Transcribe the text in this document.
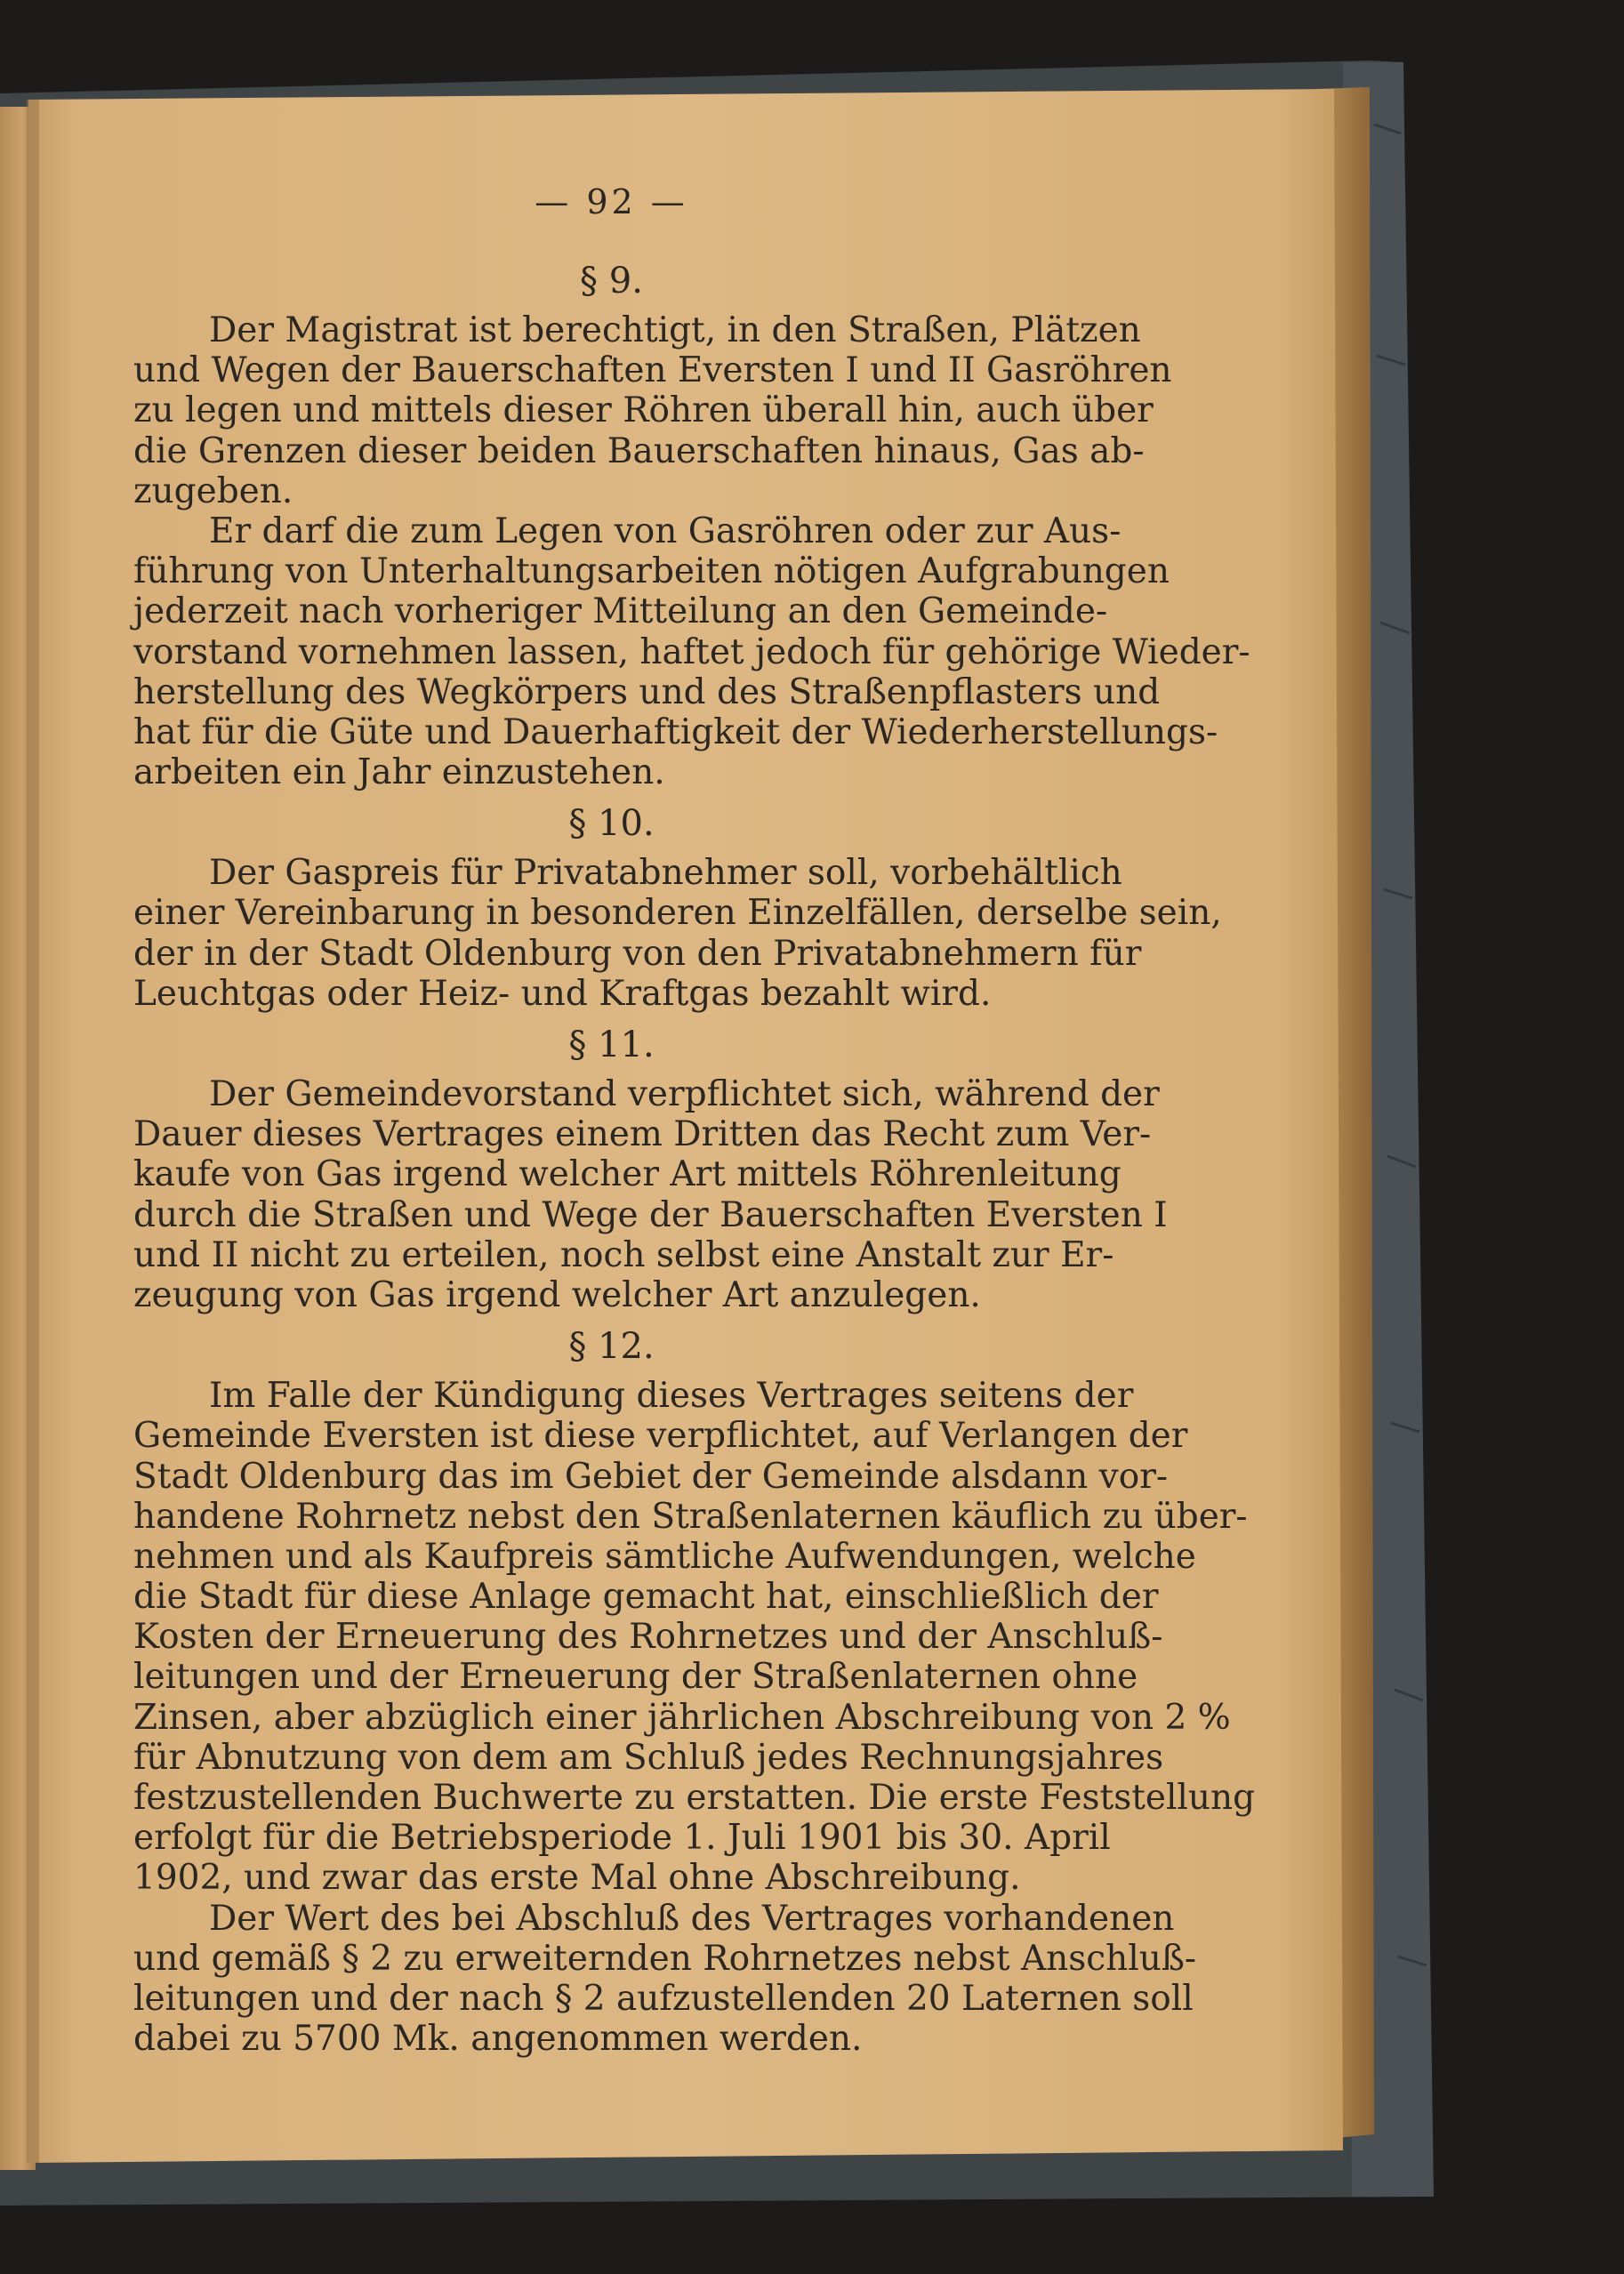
— 92 —
§ 9.
Der Magistrat ist berechtigt, in den Straßen, Plätzen
und Wegen der Bauerschaften Eversten I und II Gasröhren
zu legen und mittels dieser Röhren überall hin, auch über
die Grenzen dieser beiden Bauerschaften hinaus, Gas ab-
zugeben.
Er darf die zum Legen von Gasröhren oder zur Aus-
führung von Unterhaltungsarbeiten nötigen Aufgrabungen
jederzeit nach vorheriger Mitteilung an den Gemeinde-
vorstand vornehmen lassen, haftet jedoch für gehörige Wieder-
herstellung des Wegkörpers und des Straßenpflasters und
hat für die Güte und Dauerhaftigkeit der Wiederherstellungs-
arbeiten ein Jahr einzustehen.
§ 10.
Der Gaspreis für Privatabnehmer soll, vorbehältlich
einer Vereinbarung in besonderen Einzelfällen, derselbe sein,
der in der Stadt Oldenburg von den Privatabnehmern für
Leuchtgas oder Heiz- und Kraftgas bezahlt wird.
§ 11.
Der Gemeindevorstand verpflichtet sich, während der
Dauer dieses Vertrages einem Dritten das Recht zum Ver-
kaufe von Gas irgend welcher Art mittels Röhrenleitung
durch die Straßen und Wege der Bauerschaften Eversten I
und II nicht zu erteilen, noch selbst eine Anstalt zur Er-
zeugung von Gas irgend welcher Art anzulegen.
§ 12.
Im Falle der Kündigung dieses Vertrages seitens der
Gemeinde Eversten ist diese verpflichtet, auf Verlangen der
Stadt Oldenburg das im Gebiet der Gemeinde alsdann vor-
handene Rohrnetz nebst den Straßenlaternen käuflich zu über-
nehmen und als Kaufpreis sämtliche Aufwendungen, welche
die Stadt für diese Anlage gemacht hat, einschließlich der
Kosten der Erneuerung des Rohrnetzes und der Anschluß-
leitungen und der Erneuerung der Straßenlaternen ohne
Zinsen, aber abzüglich einer jährlichen Abschreibung von 2 %
für Abnutzung von dem am Schluß jedes Rechnungsjahres
festzustellenden Buchwerte zu erstatten. Die erste Feststellung
erfolgt für die Betriebsperiode 1. Juli 1901 bis 30. April
1902, und zwar das erste Mal ohne Abschreibung.
Der Wert des bei Abschluß des Vertrages vorhandenen
und gemäß § 2 zu erweiternden Rohrnetzes nebst Anschluß-
leitungen und der nach § 2 aufzustellenden 20 Laternen soll
dabei zu 5700 Mk. angenommen werden.
